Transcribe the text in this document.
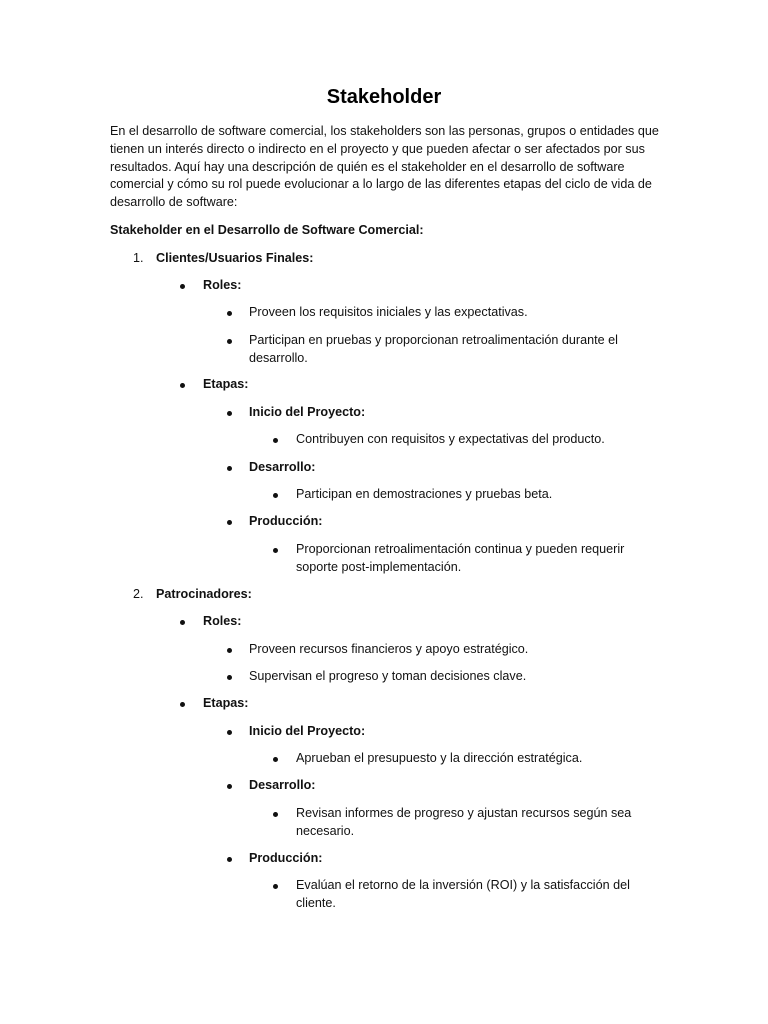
Stakeholder
En el desarrollo de software comercial, los stakeholders son las personas, grupos o entidades que tienen un interés directo o indirecto en el proyecto y que pueden afectar o ser afectados por sus resultados. Aquí hay una descripción de quién es el stakeholder en el desarrollo de software comercial y cómo su rol puede evolucionar a lo largo de las diferentes etapas del ciclo de vida de desarrollo de software:
Stakeholder en el Desarrollo de Software Comercial:
1. Clientes/Usuarios Finales:
Roles:
Proveen los requisitos iniciales y las expectativas.
Participan en pruebas y proporcionan retroalimentación durante el desarrollo.
Etapas:
Inicio del Proyecto:
Contribuyen con requisitos y expectativas del producto.
Desarrollo:
Participan en demostraciones y pruebas beta.
Producción:
Proporcionan retroalimentación continua y pueden requerir soporte post-implementación.
2. Patrocinadores:
Roles:
Proveen recursos financieros y apoyo estratégico.
Supervisan el progreso y toman decisiones clave.
Etapas:
Inicio del Proyecto:
Aprueban el presupuesto y la dirección estratégica.
Desarrollo:
Revisan informes de progreso y ajustan recursos según sea necesario.
Producción:
Evalúan el retorno de la inversión (ROI) y la satisfacción del cliente.
